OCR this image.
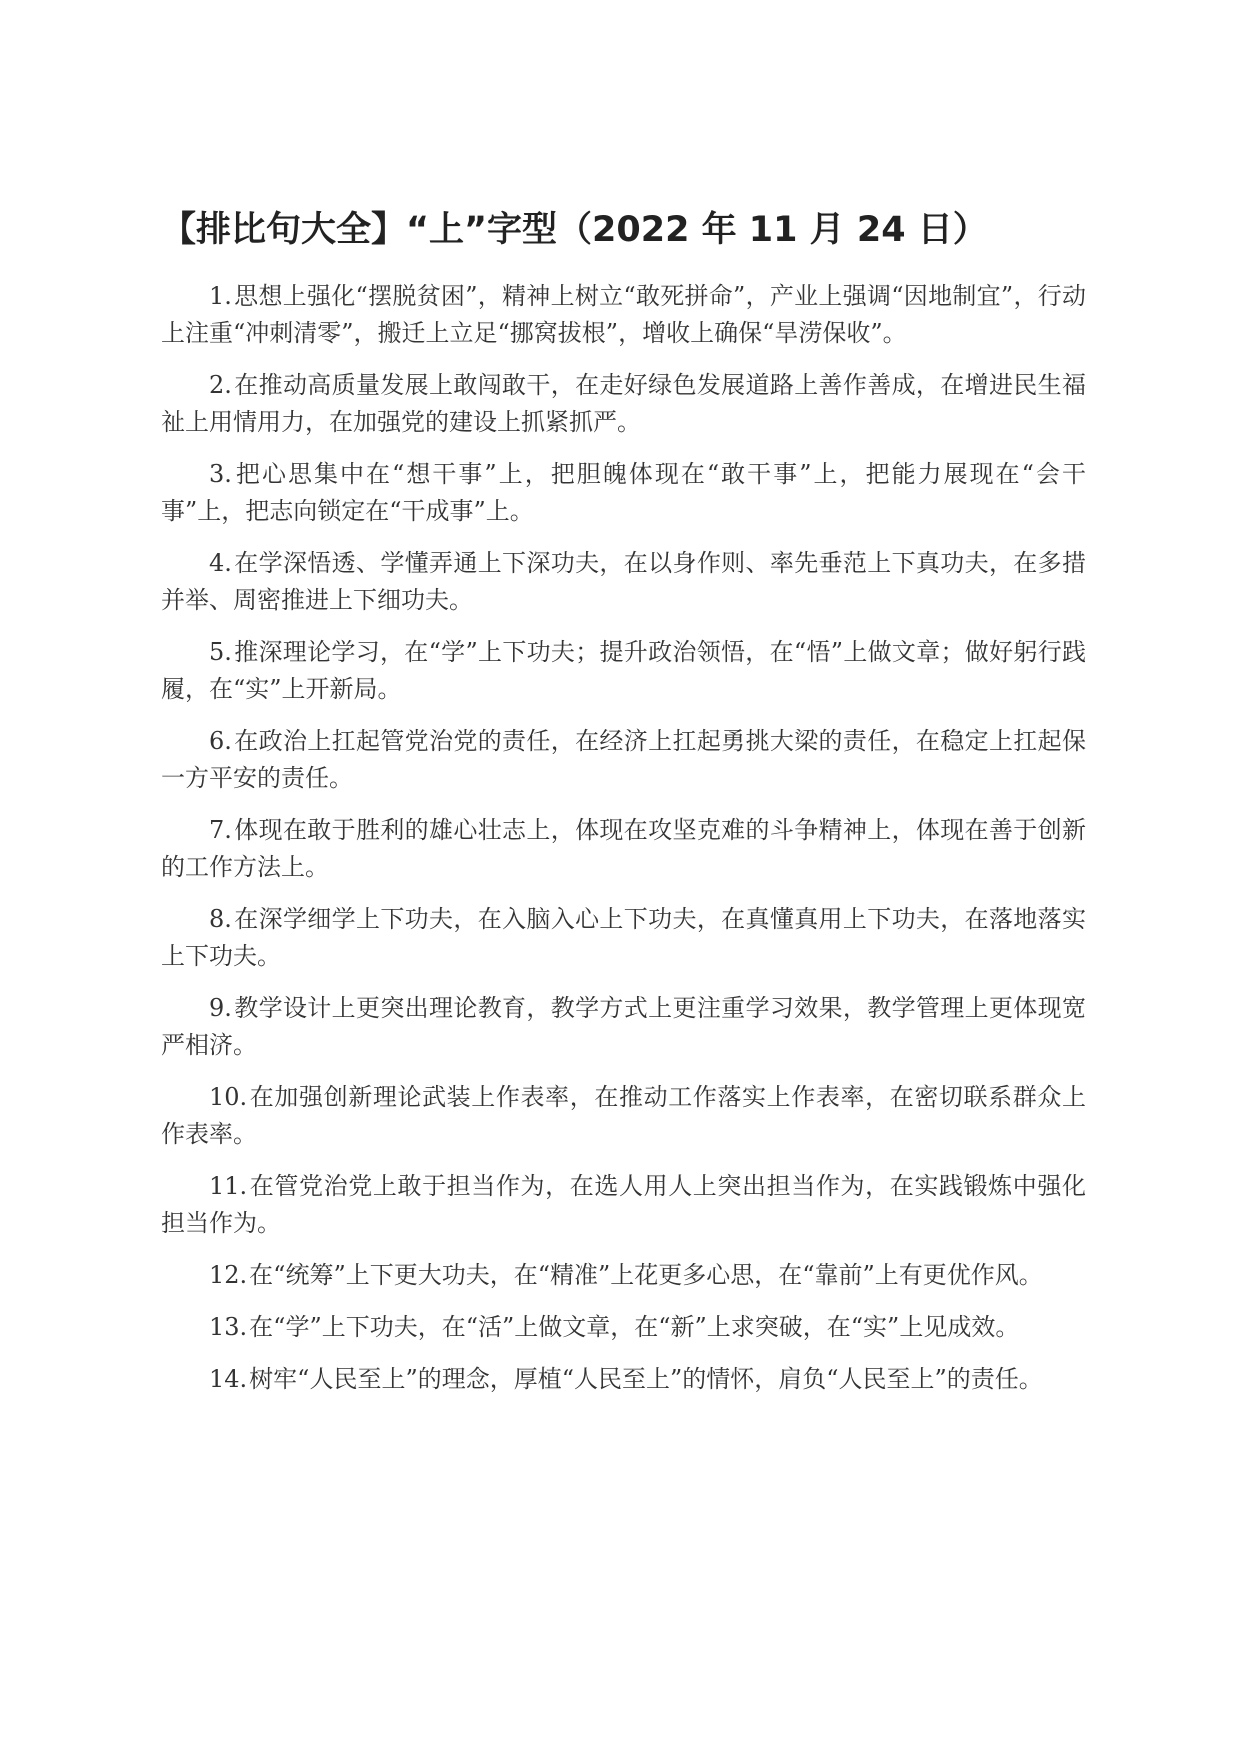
【排比句大全】“上”字型（2022 年 11 月 24 日）

1.思想上强化“摆脱贫困”，精神上树立“敢死拼命”，产业上强调“因地制宜”，行动上注重“冲刺清零”，搬迁上立足“挪窝拔根”，增收上确保“旱涝保收”。

2.在推动高质量发展上敢闯敢干，在走好绿色发展道路上善作善成，在增进民生福祉上用情用力，在加强党的建设上抓紧抓严。

3.把心思集中在“想干事”上，把胆魄体现在“敢干事”上，把能力展现在“会干事”上，把志向锁定在“干成事”上。

4.在学深悟透、学懂弄通上下深功夫，在以身作则、率先垂范上下真功夫，在多措并举、周密推进上下细功夫。

5.推深理论学习，在“学”上下功夫；提升政治领悟，在“悟”上做文章；做好躬行践履，在“实”上开新局。

6.在政治上扛起管党治党的责任，在经济上扛起勇挑大梁的责任，在稳定上扛起保一方平安的责任。

7.体现在敢于胜利的雄心壮志上，体现在攻坚克难的斗争精神上，体现在善于创新的工作方法上。

8.在深学细学上下功夫，在入脑入心上下功夫，在真懂真用上下功夫，在落地落实上下功夫。

9.教学设计上更突出理论教育，教学方式上更注重学习效果，教学管理上更体现宽严相济。

10.在加强创新理论武装上作表率，在推动工作落实上作表率，在密切联系群众上作表率。

11.在管党治党上敢于担当作为，在选人用人上突出担当作为，在实践锻炼中强化担当作为。

12.在“统筹”上下更大功夫，在“精准”上花更多心思，在“靠前”上有更优作风。

13.在“学”上下功夫，在“活”上做文章，在“新”上求突破，在“实”上见成效。

14.树牢“人民至上”的理念，厚植“人民至上”的情怀，肩负“人民至上”的责任。
